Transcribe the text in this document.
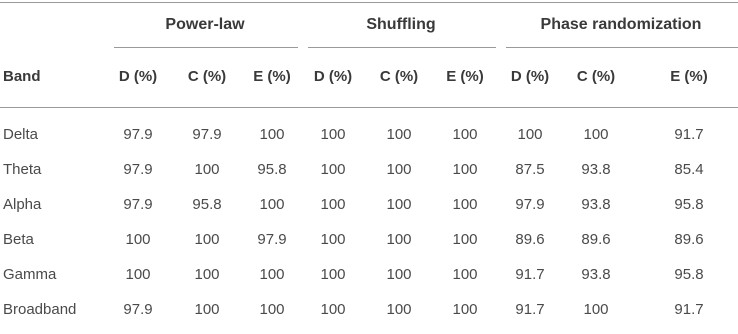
Power-law	Shuffling	Phase randomization
Band	D (%)	C (%)	E (%)	D (%)	C (%)	E (%)	D (%)	C (%)	E (%)
Delta	97.9	97.9	100	100	100	100	100	100	91.7
Theta	97.9	100	95.8	100	100	100	87.5	93.8	85.4
Alpha	97.9	95.8	100	100	100	100	97.9	93.8	95.8
Beta	100	100	97.9	100	100	100	89.6	89.6	89.6
Gamma	100	100	100	100	100	100	91.7	93.8	95.8
Broadband	97.9	100	100	100	100	100	91.7	100	91.7
